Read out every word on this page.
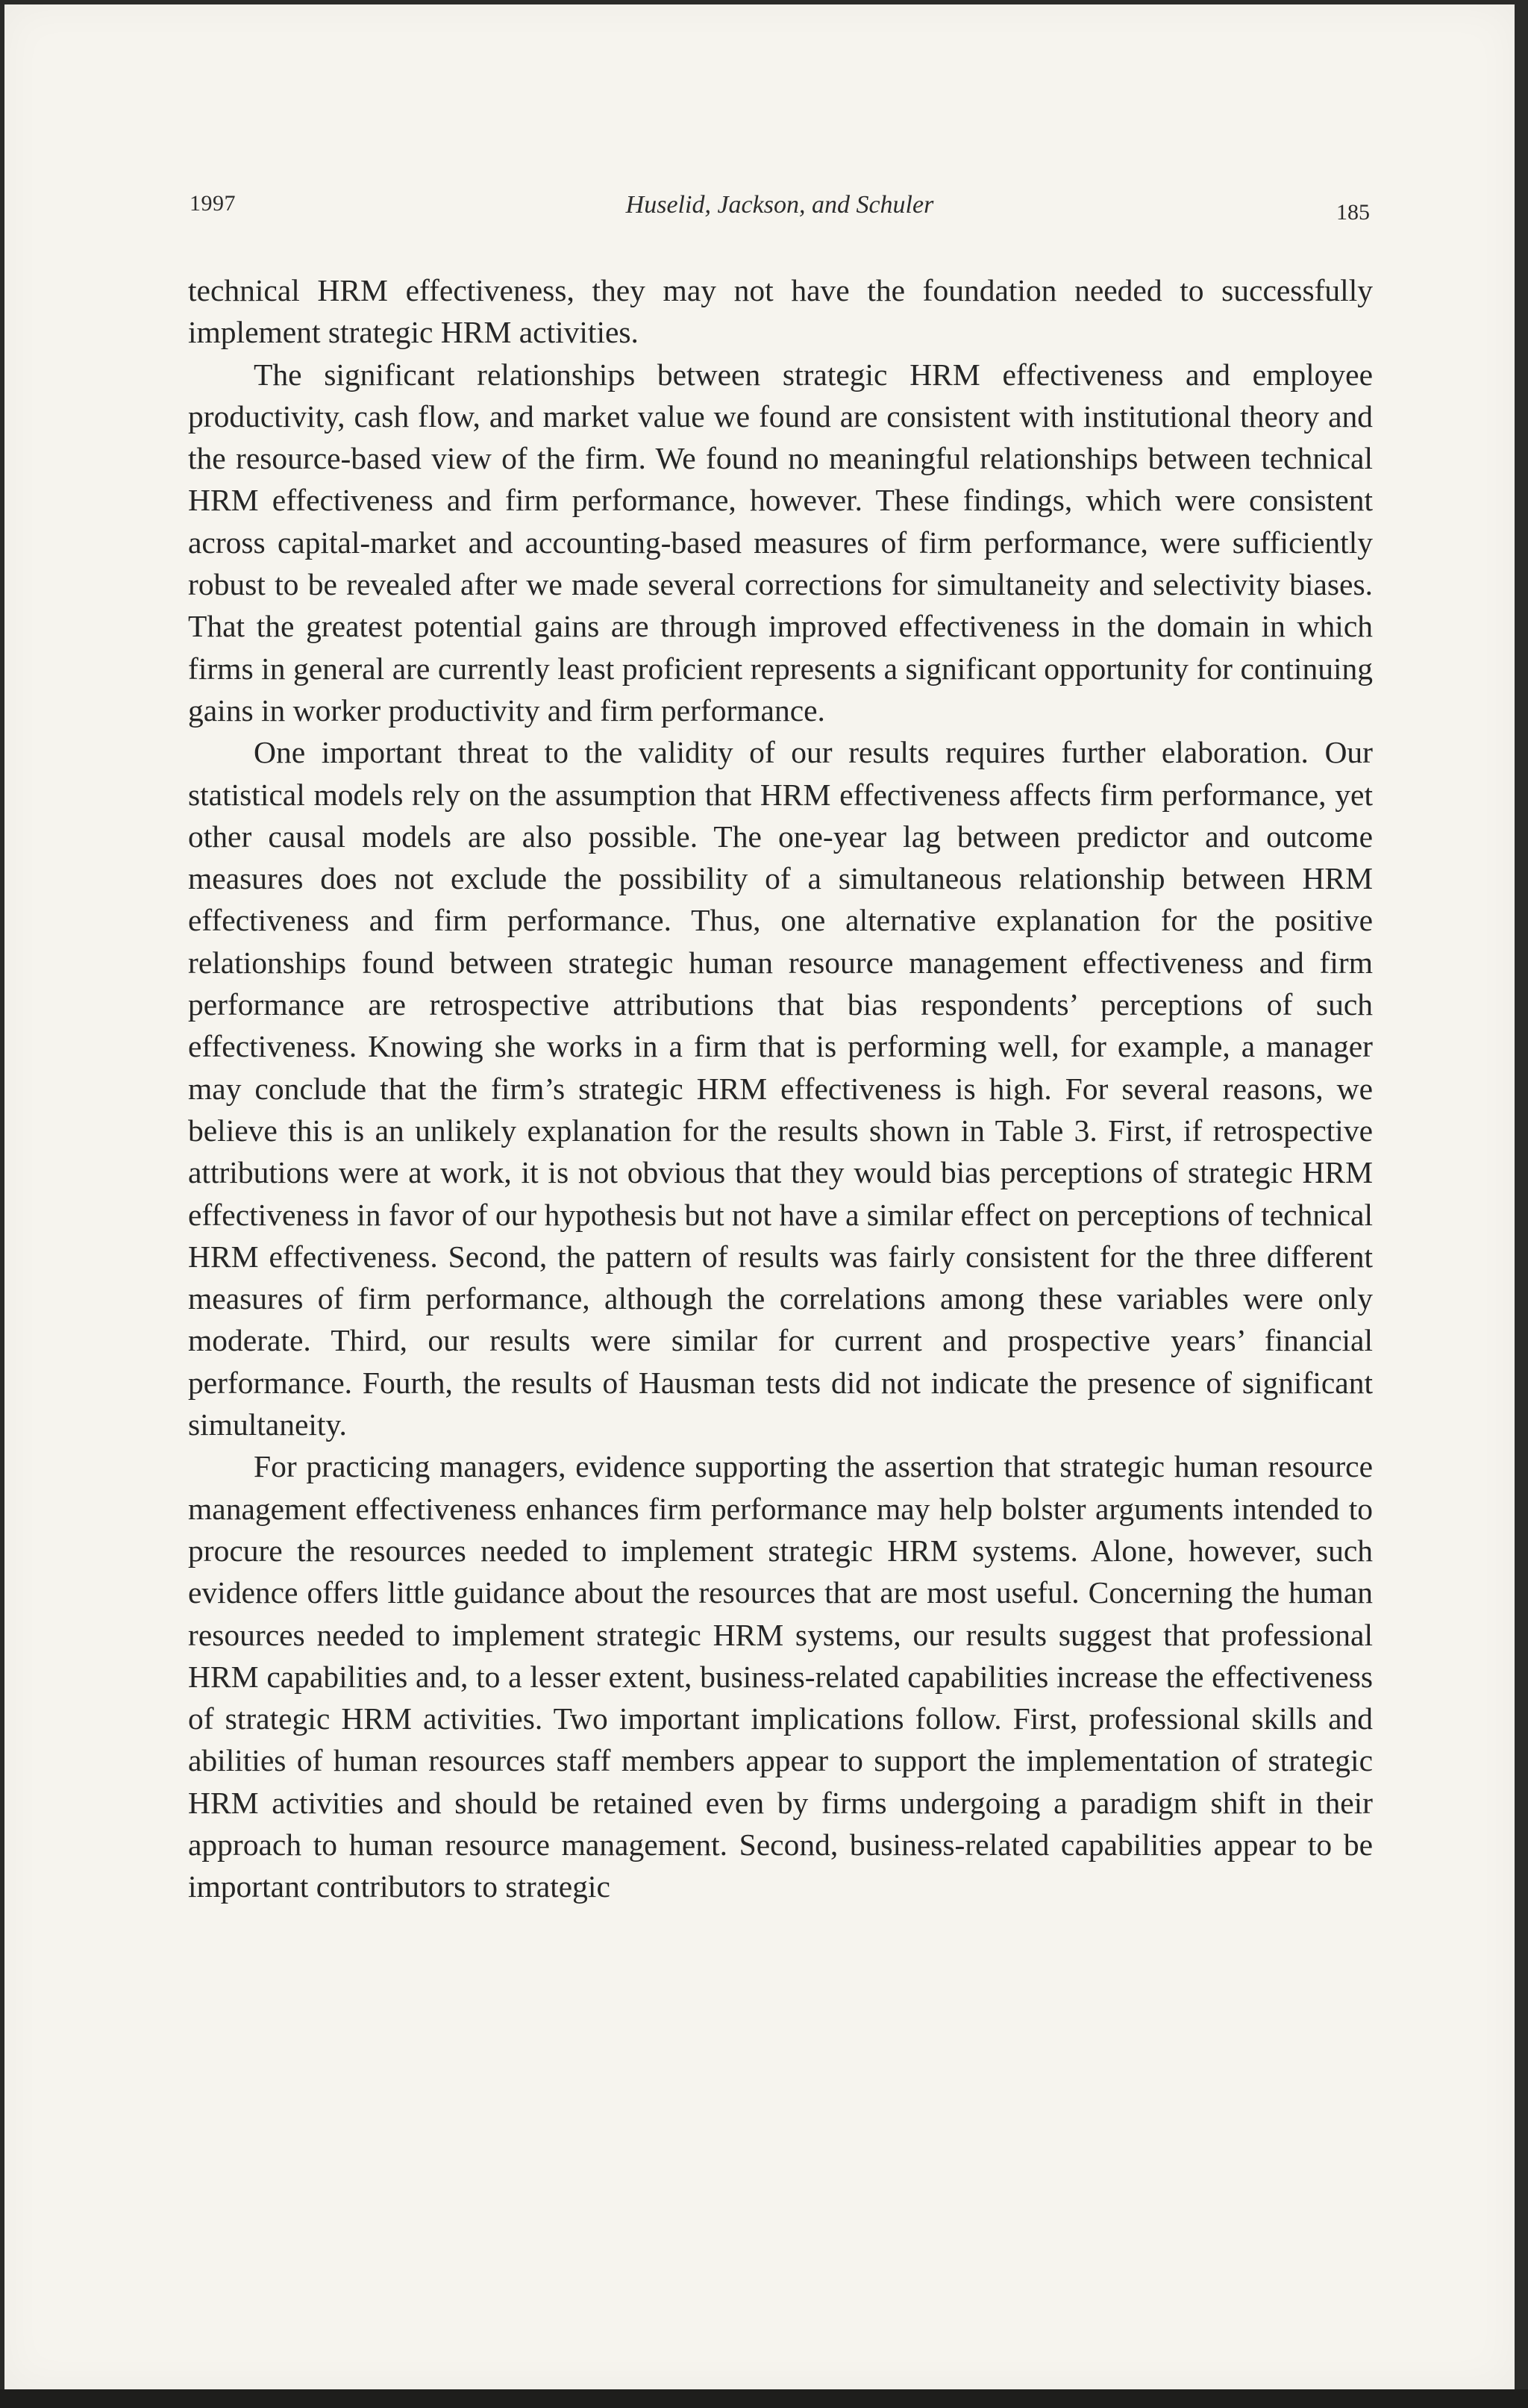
1997	Huselid, Jackson, and Schuler	185

technical HRM effectiveness, they may not have the foundation needed to successfully implement strategic HRM activities.

The significant relationships between strategic HRM effectiveness and employee productivity, cash flow, and market value we found are consistent with institutional theory and the resource-based view of the firm. We found no meaningful relationships between technical HRM effectiveness and firm performance, however. These findings, which were consistent across capital-market and accounting-based measures of firm performance, were sufficiently robust to be revealed after we made several corrections for simultaneity and selectivity biases. That the greatest potential gains are through improved effectiveness in the domain in which firms in general are currently least proficient represents a significant opportunity for continuing gains in worker productivity and firm performance.

One important threat to the validity of our results requires further elaboration. Our statistical models rely on the assumption that HRM effectiveness affects firm performance, yet other causal models are also possible. The one-year lag between predictor and outcome measures does not exclude the possibility of a simultaneous relationship between HRM effectiveness and firm performance. Thus, one alternative explanation for the positive relationships found between strategic human resource management effectiveness and firm performance are retrospective attributions that bias respondents’ perceptions of such effectiveness. Knowing she works in a firm that is performing well, for example, a manager may conclude that the firm’s strategic HRM effectiveness is high. For several reasons, we believe this is an unlikely explanation for the results shown in Table 3. First, if retrospective attributions were at work, it is not obvious that they would bias perceptions of strategic HRM effectiveness in favor of our hypothesis but not have a similar effect on perceptions of technical HRM effectiveness. Second, the pattern of results was fairly consistent for the three different measures of firm performance, although the correlations among these variables were only moderate. Third, our results were similar for current and prospective years’ financial performance. Fourth, the results of Hausman tests did not indicate the presence of significant simultaneity.

For practicing managers, evidence supporting the assertion that strategic human resource management effectiveness enhances firm performance may help bolster arguments intended to procure the resources needed to implement strategic HRM systems. Alone, however, such evidence offers little guidance about the resources that are most useful. Concerning the human resources needed to implement strategic HRM systems, our results suggest that professional HRM capabilities and, to a lesser extent, business-related capabilities increase the effectiveness of strategic HRM activities. Two important implications follow. First, professional skills and abilities of human resources staff members appear to support the implementation of strategic HRM activities and should be retained even by firms undergoing a paradigm shift in their approach to human resource management. Second, business-related capabilities appear to be important contributors to strategic
